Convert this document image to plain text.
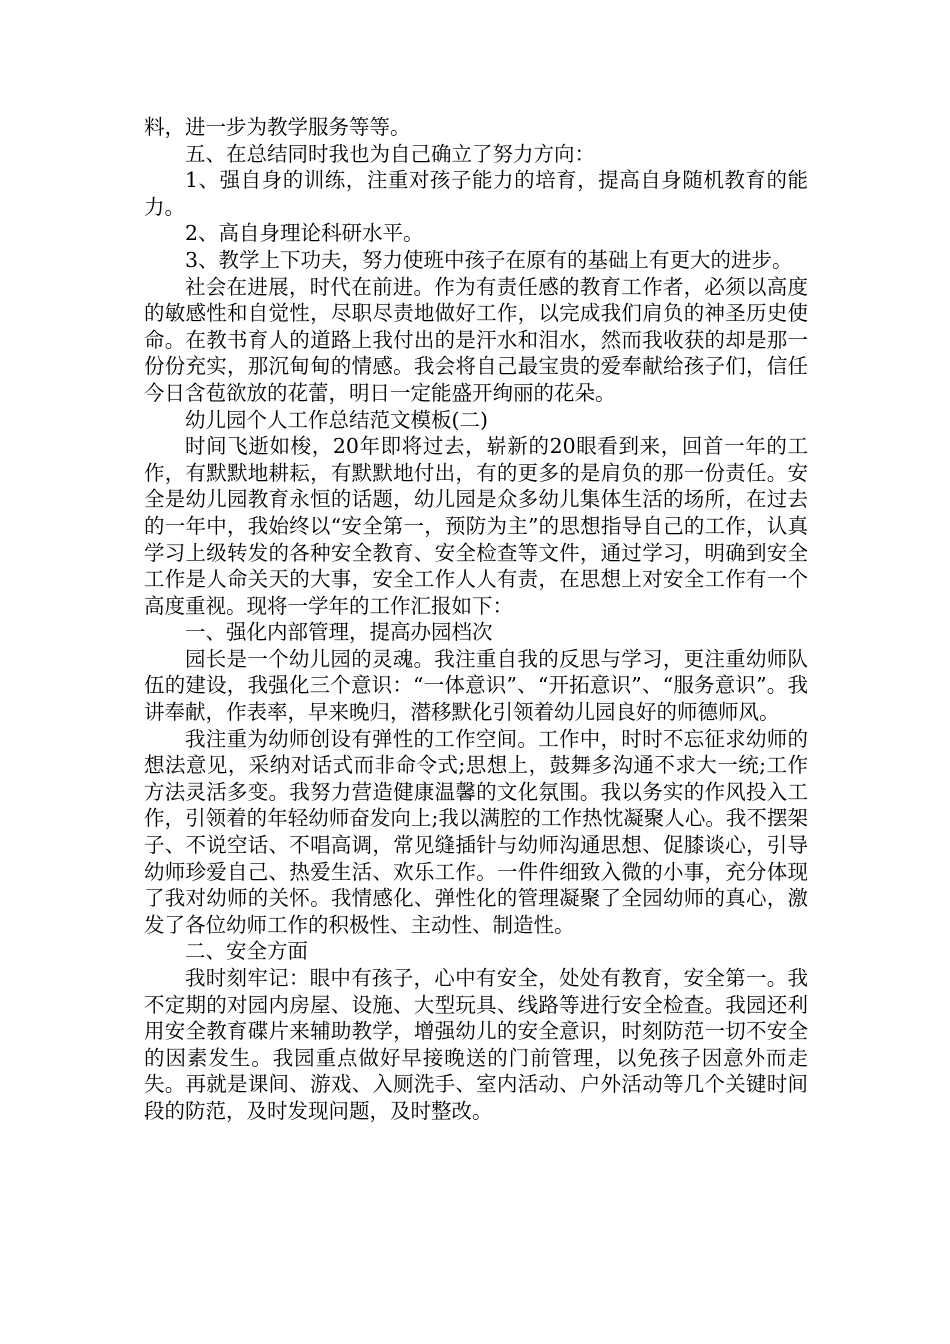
料，进一步为教学服务等等。

五、在总结同时我也为自己确立了努力方向：

1、强自身的训练，注重对孩子能力的培育，提高自身随机教育的能力。

2、高自身理论科研水平。

3、教学上下功夫，努力使班中孩子在原有的基础上有更大的进步。

社会在进展，时代在前进。作为有责任感的教育工作者，必须以高度的敏感性和自觉性，尽职尽责地做好工作，以完成我们肩负的神圣历史使命。在教书育人的道路上我付出的是汗水和泪水，然而我收获的却是那一份份充实，那沉甸甸的情感。我会将自己最宝贵的爱奉献给孩子们，信任今日含苞欲放的花蕾，明日一定能盛开绚丽的花朵。

幼儿园个人工作总结范文模板(二)

时间飞逝如梭，20年即将过去，崭新的20眼看到来，回首一年的工作，有默默地耕耘，有默默地付出，有的更多的是肩负的那一份责任。安全是幼儿园教育永恒的话题，幼儿园是众多幼儿集体生活的场所，在过去的一年中，我始终以“安全第一，预防为主”的思想指导自己的工作，认真学习上级转发的各种安全教育、安全检查等文件，通过学习，明确到安全工作是人命关天的大事，安全工作人人有责，在思想上对安全工作有一个高度重视。现将一学年的工作汇报如下：

一、强化内部管理，提高办园档次

园长是一个幼儿园的灵魂。我注重自我的反思与学习，更注重幼师队伍的建设，我强化三个意识：“一体意识”、“开拓意识”、“服务意识”。我讲奉献，作表率，早来晚归，潜移默化引领着幼儿园良好的师德师风。

我注重为幼师创设有弹性的工作空间。工作中，时时不忘征求幼师的想法意见，采纳对话式而非命令式;思想上，鼓舞多沟通不求大一统;工作方法灵活多变。我努力营造健康温馨的文化氛围。我以务实的作风投入工作，引领着的年轻幼师奋发向上;我以满腔的工作热忱凝聚人心。我不摆架子、不说空话、不唱高调，常见缝插针与幼师沟通思想、促膝谈心，引导幼师珍爱自己、热爱生活、欢乐工作。一件件细致入微的小事，充分体现了我对幼师的关怀。我情感化、弹性化的管理凝聚了全园幼师的真心，激发了各位幼师工作的积极性、主动性、制造性。

二、安全方面

我时刻牢记：眼中有孩子，心中有安全，处处有教育，安全第一。我不定期的对园内房屋、设施、大型玩具、线路等进行安全检查。我园还利用安全教育碟片来辅助教学，增强幼儿的安全意识，时刻防范一切不安全的因素发生。我园重点做好早接晚送的门前管理，以免孩子因意外而走失。再就是课间、游戏、入厕洗手、室内活动、户外活动等几个关键时间段的防范，及时发现问题，及时整改。
